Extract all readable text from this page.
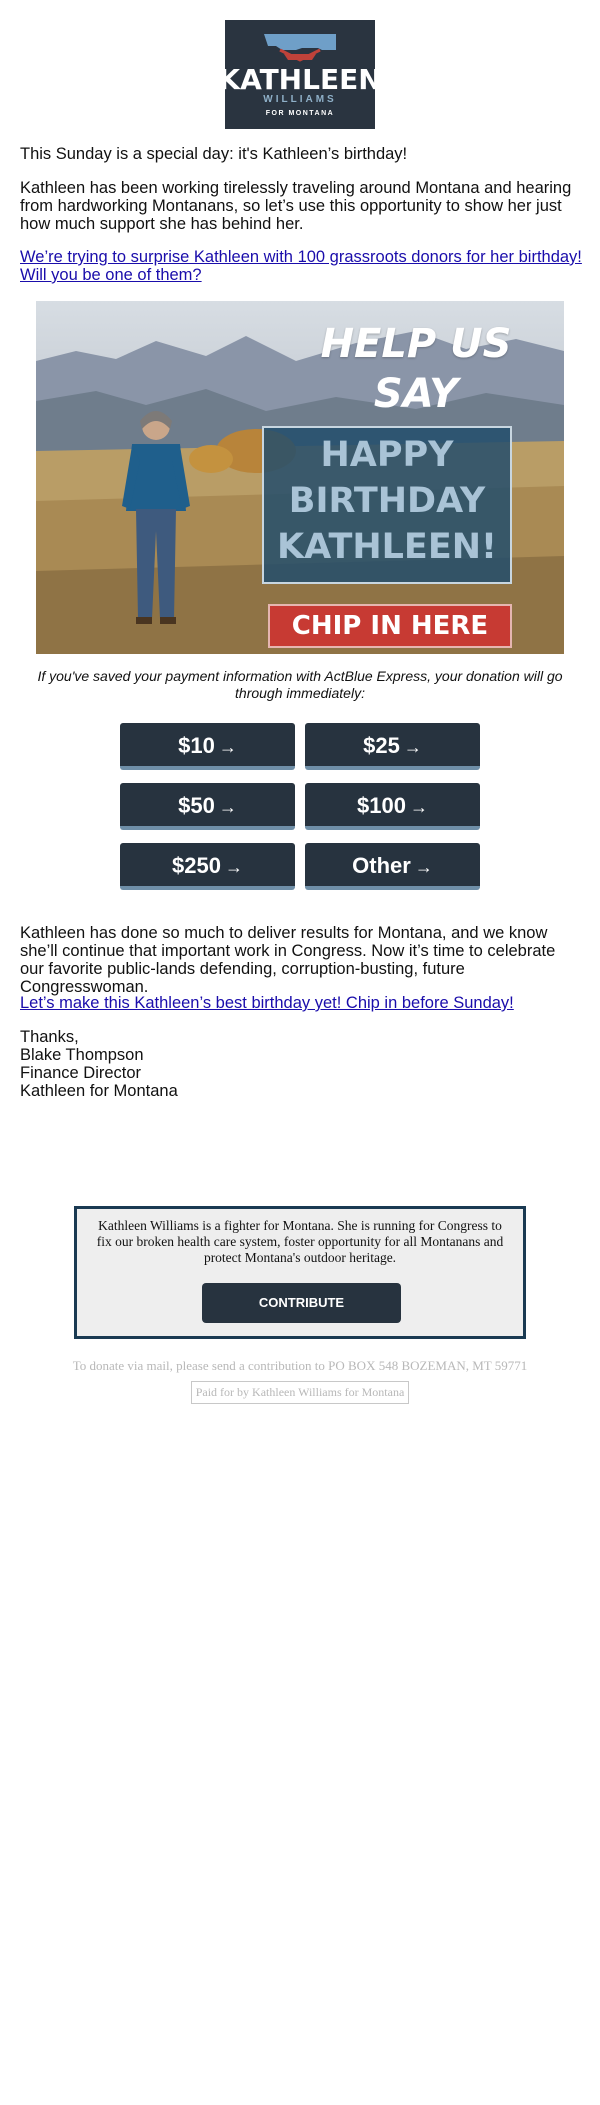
KATHLEEN
WILLIAMS
FOR MONTANA

This Sunday is a special day: it's Kathleen’s birthday!

Kathleen has been working tirelessly traveling around Montana and hearing from hardworking Montanans, so let’s use this opportunity to show her just how much support she has behind her.

We’re trying to surprise Kathleen with 100 grassroots donors for her birthday! Will you be one of them?

HELP US
SAY
HAPPY
BIRTHDAY
KATHLEEN!
CHIP IN HERE

If you've saved your payment information with ActBlue Express, your donation will go through immediately:

$10 →	$25 →
$50 →	$100 →
$250 →	Other →

Kathleen has done so much to deliver results for Montana, and we know she’ll continue that important work in Congress. Now it’s time to celebrate our favorite public-lands defending, corruption-busting, future Congresswoman.

Let’s make this Kathleen’s best birthday yet! Chip in before Sunday!

Thanks,
Blake Thompson
Finance Director
Kathleen for Montana

Kathleen Williams is a fighter for Montana. She is running for Congress to fix our broken health care system, foster opportunity for all Montanans and protect Montana's outdoor heritage.

CONTRIBUTE

To donate via mail, please send a contribution to PO BOX 548 BOZEMAN, MT 59771

Paid for by Kathleen Williams for Montana
